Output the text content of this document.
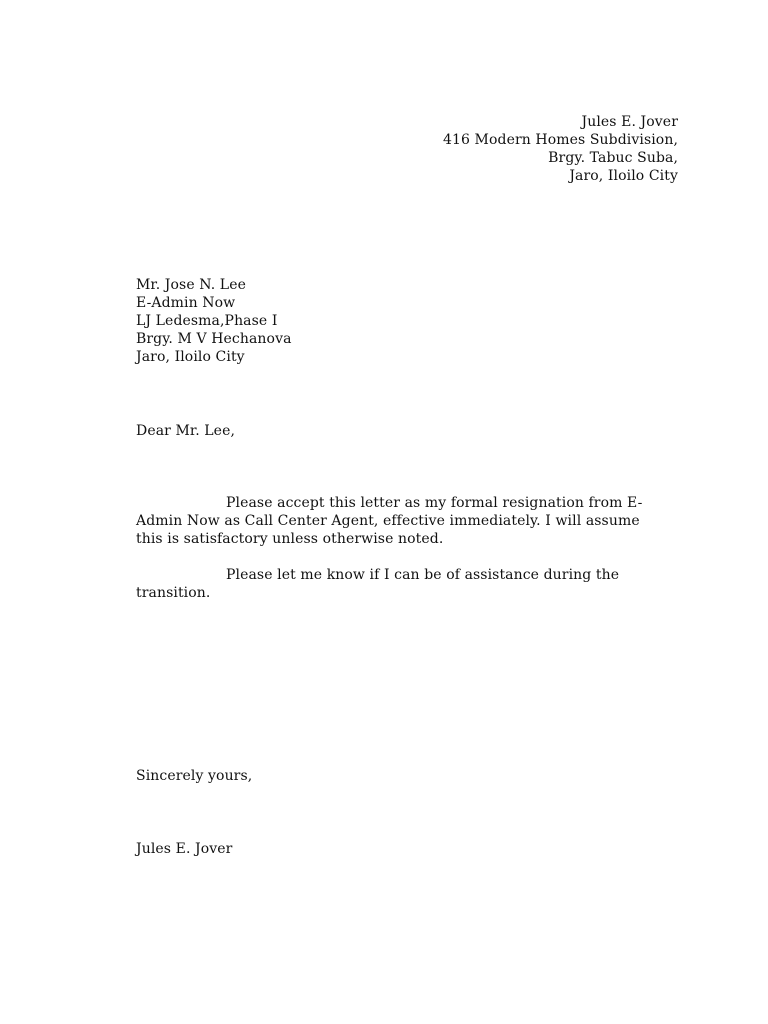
Jules E. Jover
416 Modern Homes Subdivision,
Brgy. Tabuc Suba,
Jaro, Iloilo City
Mr. Jose N. Lee
E-Admin Now
LJ Ledesma,Phase I
Brgy. M V Hechanova
Jaro, Iloilo City
Dear Mr. Lee,
Please accept this letter as my formal resignation from E-
Admin Now as Call Center Agent, effective immediately. I will assume
this is satisfactory unless otherwise noted.
Please let me know if I can be of assistance during the
transition.
Sincerely yours,
Jules E. Jover
